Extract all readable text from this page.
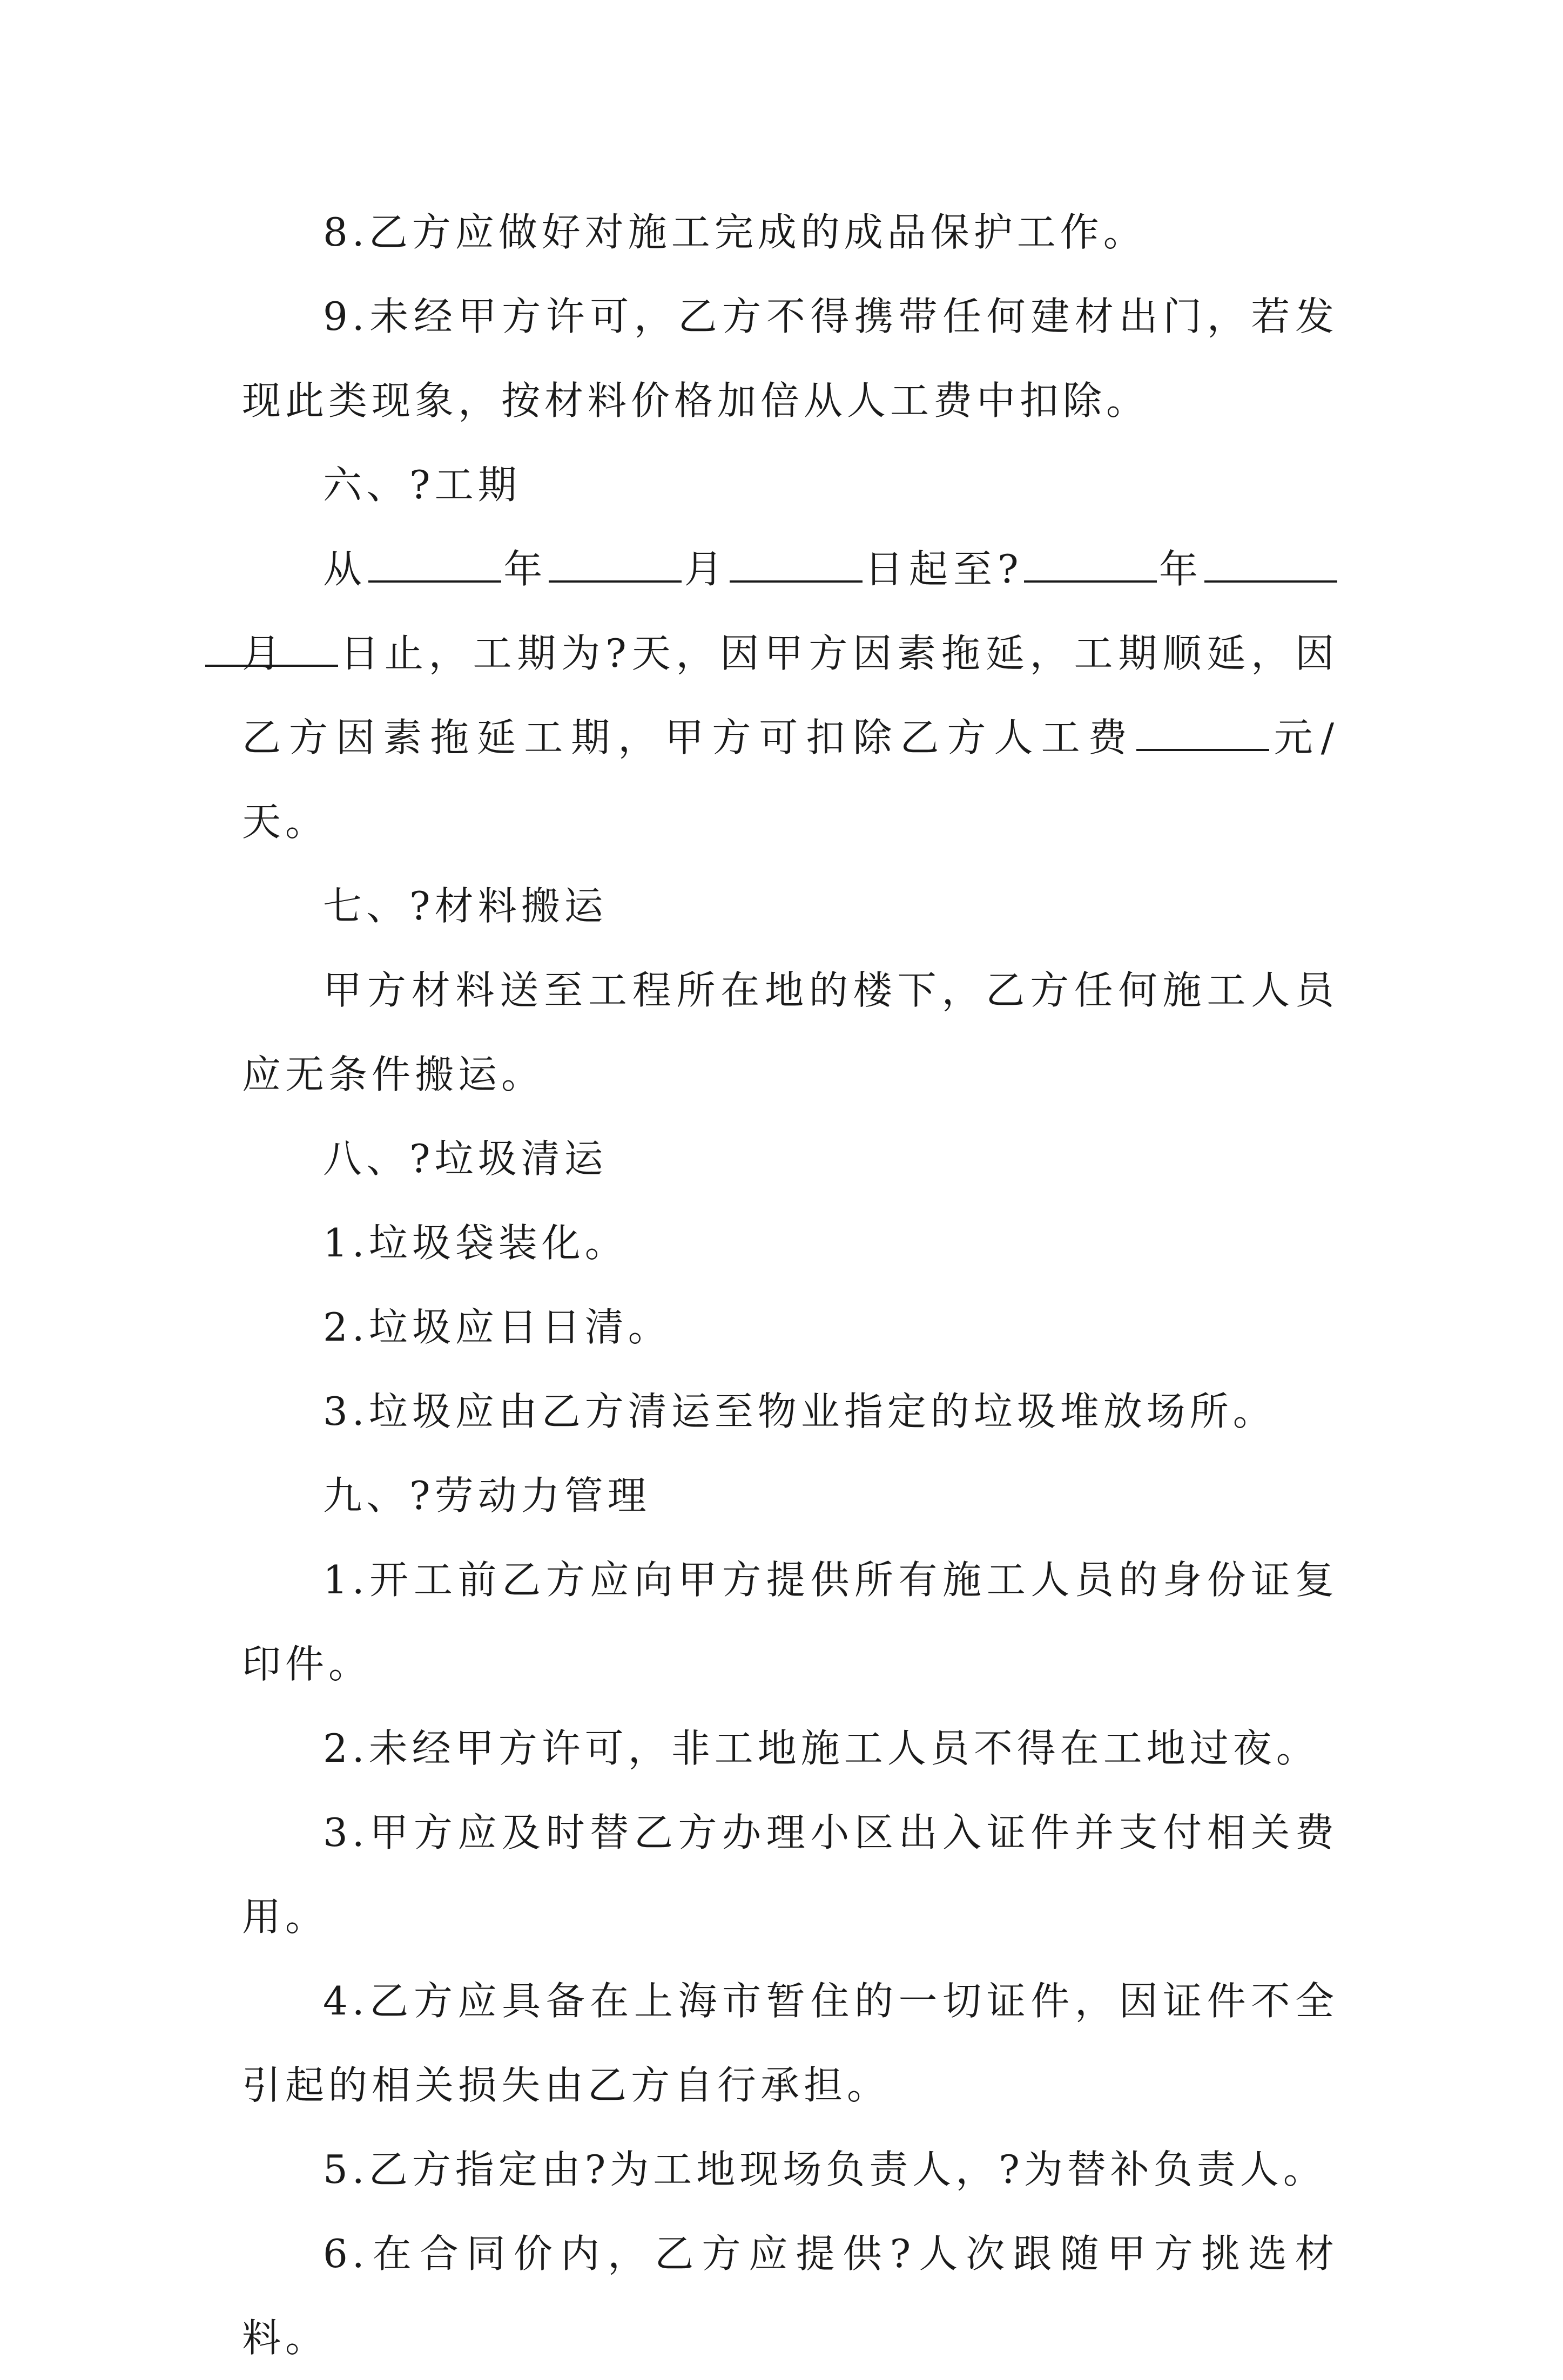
8.乙方应做好对施工完成的成品保护工作。

9.未经甲方许可，乙方不得携带任何建材出门，若发现此类现象，按材料价格加倍从人工费中扣除。

六、?工期

从	年	月	日起至?	年月 日止，工期为?天，因甲方因素拖延，工期顺延，因乙方因素拖延工期，甲方可扣除乙方人工费	元/天。

七、?材料搬运

甲方材料送至工程所在地的楼下，乙方任何施工人员应无条件搬运。

八、?垃圾清运

1.垃圾袋装化。

2.垃圾应日日清。

3.垃圾应由乙方清运至物业指定的垃圾堆放场所。

九、?劳动力管理

1.开工前乙方应向甲方提供所有施工人员的身份证复印件。

2.未经甲方许可，非工地施工人员不得在工地过夜。

3.甲方应及时替乙方办理小区出入证件并支付相关费用。

4.乙方应具备在上海市暂住的一切证件，因证件不全引起的相关损失由乙方自行承担。

5.乙方指定由?为工地现场负责人，?为替补负责人。

6.在合同价内，乙方应提供?人次跟随甲方挑选材料。
